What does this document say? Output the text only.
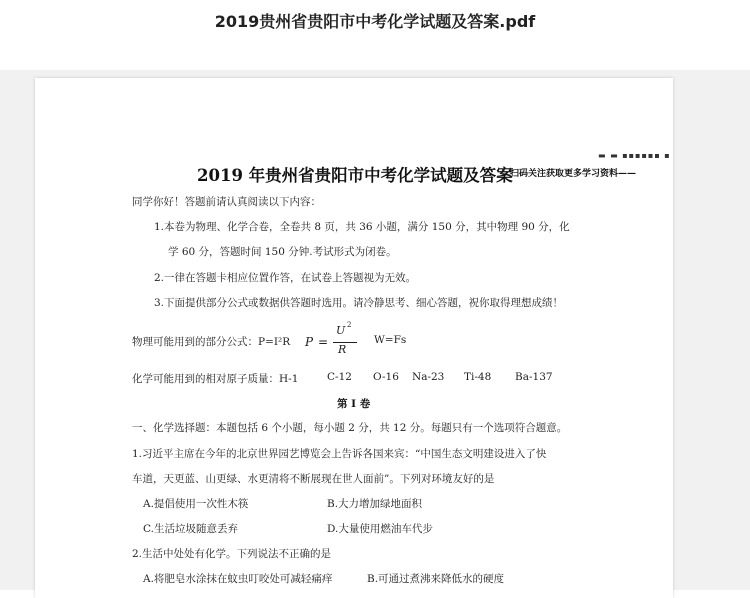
2019贵州省贵阳市中考化学试题及答案.pdf
▬ ▬ ▪▪▪▪▪▪ ▪
2019 年贵州省贵阳市中考化学试题及答案
扫码关注获取更多学习资料——
同学你好！答题前请认真阅读以下内容：
1.本卷为物理、化学合卷，全卷共 8 页，共 36 小题，满分 150 分，其中物理 90 分，化
学 60 分，答题时间 150 分钟.考试形式为闭卷。
2.一律在答题卡相应位置作答，在试卷上答题视为无效。
3.下面提供部分公式或数据供答题时选用。请冷静思考、细心答题，祝你取得理想成绩！
物理可能用到的部分公式：P=I²R P =
U 2
R
W=Fs
化学可能用到的相对原子质量：H-1	C-12 O-16 Na-23 Ti-48 Ba-137
第 I 卷
一、化学选择题：本题包括 6 个小题，每小题 2 分，共 12 分。每题只有一个选项符合题意。
1.习近平主席在今年的北京世界园艺博览会上告诉各国来宾：“中国生态文明建设进入了快
车道，天更蓝、山更绿、水更清将不断展现在世人面前”。下列对环境友好的是
A.提倡使用一次性木筷	B.大力增加绿地面积
C.生活垃圾随意丢弃	D.大量使用燃油车代步
2.生活中处处有化学。下列说法不正确的是
A.将肥皂水涂抹在蚊虫叮咬处可减轻痛痒	B.可通过煮沸来降低水的硬度
